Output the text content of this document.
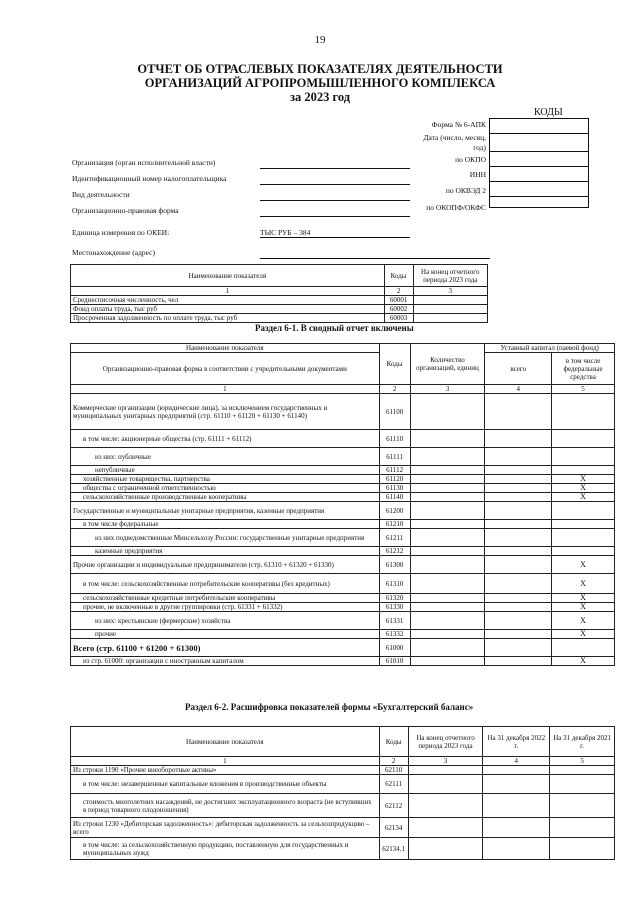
19
ОТЧЕТ ОБ ОТРАСЛЕВЫХ ПОКАЗАТЕЛЯХ ДЕЯТЕЛЬНОСТИ
ОРГАНИЗАЦИЙ АГРОПРОМЫШЛЕННОГО КОМПЛЕКСА
за 2023 год
КОДЫ
Форма № 6-АПК
Дата (число, месяц,
год)
по ОКПО
ИНН
по ОКВЭД 2
по ОКОПФ/ОКФС
Организация (орган исполнительной власти)
Идентификационный номер налогоплательщика
Вид деятельности
Организационно-правовая форма
Единица измерения по ОКЕИ:	ТЫС РУБ – 384
Местонахождение (адрес)
Наименование показателя	Коды	На конец отчетного периода 2023 года
1	2	3
Среднесписочная численность, чел	60001	
Фонд оплаты труда, тыс руб	60002	
Просроченная задолженность по оплате труда, тыс руб	60003	
Раздел 6-1. В сводный отчет включены
Наименование показателя	Коды	Количество организаций, единиц	Уставный капитал (паевой фонд)	
Организационно-правовая форма в соответствии с учредительными документами			всего	в том числе федеральные средства
1	2	3	4	5
Коммерческие организации (юридические лица), за исключением государственных и муниципальных унитарных предприятий (стр. 61110 + 61120 + 61130 + 61140)	61100			
в том числе: акционерные общества (стр. 61111 + 61112)	61110			
из них: публичные	61111			
непубличные	61112			
хозяйственные товарищества, партнерства	61120			X
общества с ограниченной ответственностью	61130			X
сельскохозяйственные производственные кооперативы	61140			X
Государственные и муниципальные унитарные предприятия, казенные предприятия	61200			
в том числе федеральные	61210			
из них подведомственные Минсельхозу России: государственные унитарные предприятия	61211			
казенные предприятия	61212			
Прочие организации и индивидуальные предприниматели (стр. 61310 + 61320 + 61330)	61300			X
в том числе: сельскохозяйственные потребительские кооперативы (без кредитных)	61310			X
сельскохозяйственные кредитные потребительские кооперативы	61320			X
прочие, не включенные в другие группировки (стр. 61331 + 61332)	61330			X
из них: крестьянские (фермерские) хозяйства	61331			X
прочие	61332			X
Всего (стр. 61100 + 61200 + 61300)	61000			
из стр. 61000: организации с иностранным капиталом	61010			X
Раздел 6-2. Расшифровка показателей формы «Бухгалтерский баланс»
Наименование показателя	Коды	На конец отчетного периода 2023 года	На 31 декабря 2022 г.	На 31 декабря 2021 г.
1	2	3	4	5
Из строки 1190 «Прочие внеоборотные активы»	62110			
в том числе: незавершенные капитальные вложения в производственные объекты	62111			
стоимость многолетних насаждений, не достигших эксплуатационного возраста (не вступивших в период товарного плодоношения)	62112			
Из строки 1230 «Дебиторская задолженность»: дебиторская задолженность за сельхозпродукцию – всего	62134			
в том числе: за сельскохозяйственную продукцию, поставленную для государственных и муниципальных нужд	62134.1			
